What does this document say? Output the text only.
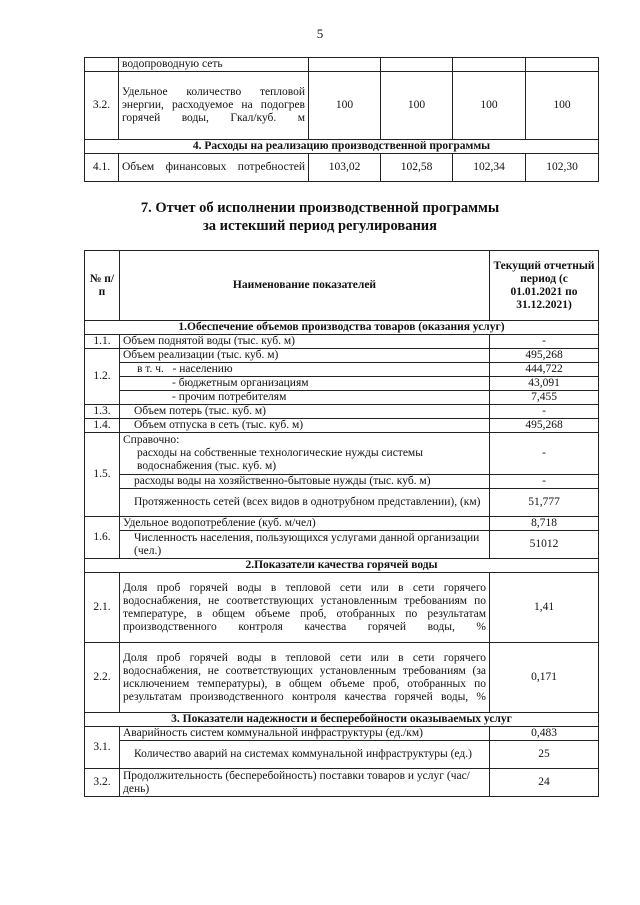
5
	водопроводную сеть				
3.2.	Удельное количество тепловой энергии, расходуемое на подогрев горячей воды, Гкал/куб. м	100	100	100	100
4. Расходы на реализацию производственной программы					
4.1.	Объем финансовых потребностей	103,02	102,58	102,34	102,30
7. Отчет об исполнении производственной программы
за истекший период регулирования
№ п/п	Наименование показателей	Текущий отчетный период (с 01.01.2021 по 31.12.2021)
1.Обеспечение объемов производства товаров (оказания услуг)		
1.1.	Объем поднятой воды (тыс. куб. м)	-
1.2.	Объем реализации (тыс. куб. м)	495,268
	в т. ч. - населению	444,722
	- бюджетным организациям	43,091
	- прочим потребителям	7,455
1.3.	Объем потерь (тыс. куб. м)	-
1.4.	Объем отпуска в сеть (тыс. куб. м)	495,268
1.5.	Справочно:
расходы на собственные технологические нужды системы водоснабжения (тыс. куб. м)	-
	расходы воды на хозяйственно-бытовые нужды (тыс. куб. м)	-
	Протяженность сетей (всех видов в однотрубном представлении), (км)	51,777
1.6.	Удельное водопотребление (куб. м/чел)	8,718
	Численность населения, пользующихся услугами данной организации (чел.)	51012
2.Показатели качества горячей воды		
2.1.	Доля проб горячей воды в тепловой сети или в сети горячего водоснабжения, не соответствующих установленным требованиям по температуре, в общем объеме проб, отобранных по результатам производственного контроля качества горячей воды, %	1,41
2.2.	Доля проб горячей воды в тепловой сети или в сети горячего водоснабжения, не соответствующих установленным требованиям (за исключением температуры), в общем объеме проб, отобранных по результатам производственного контроля качества горячей воды, %	0,171
3. Показатели надежности и бесперебойности оказываемых услуг		
3.1.	Аварийность систем коммунальной инфраструктуры (ед./км)	0,483
	Количество аварий на системах коммунальной инфраструктуры (ед.)	25
3.2.	Продолжительность (бесперебойность) поставки товаров и услуг (час/день)	24
